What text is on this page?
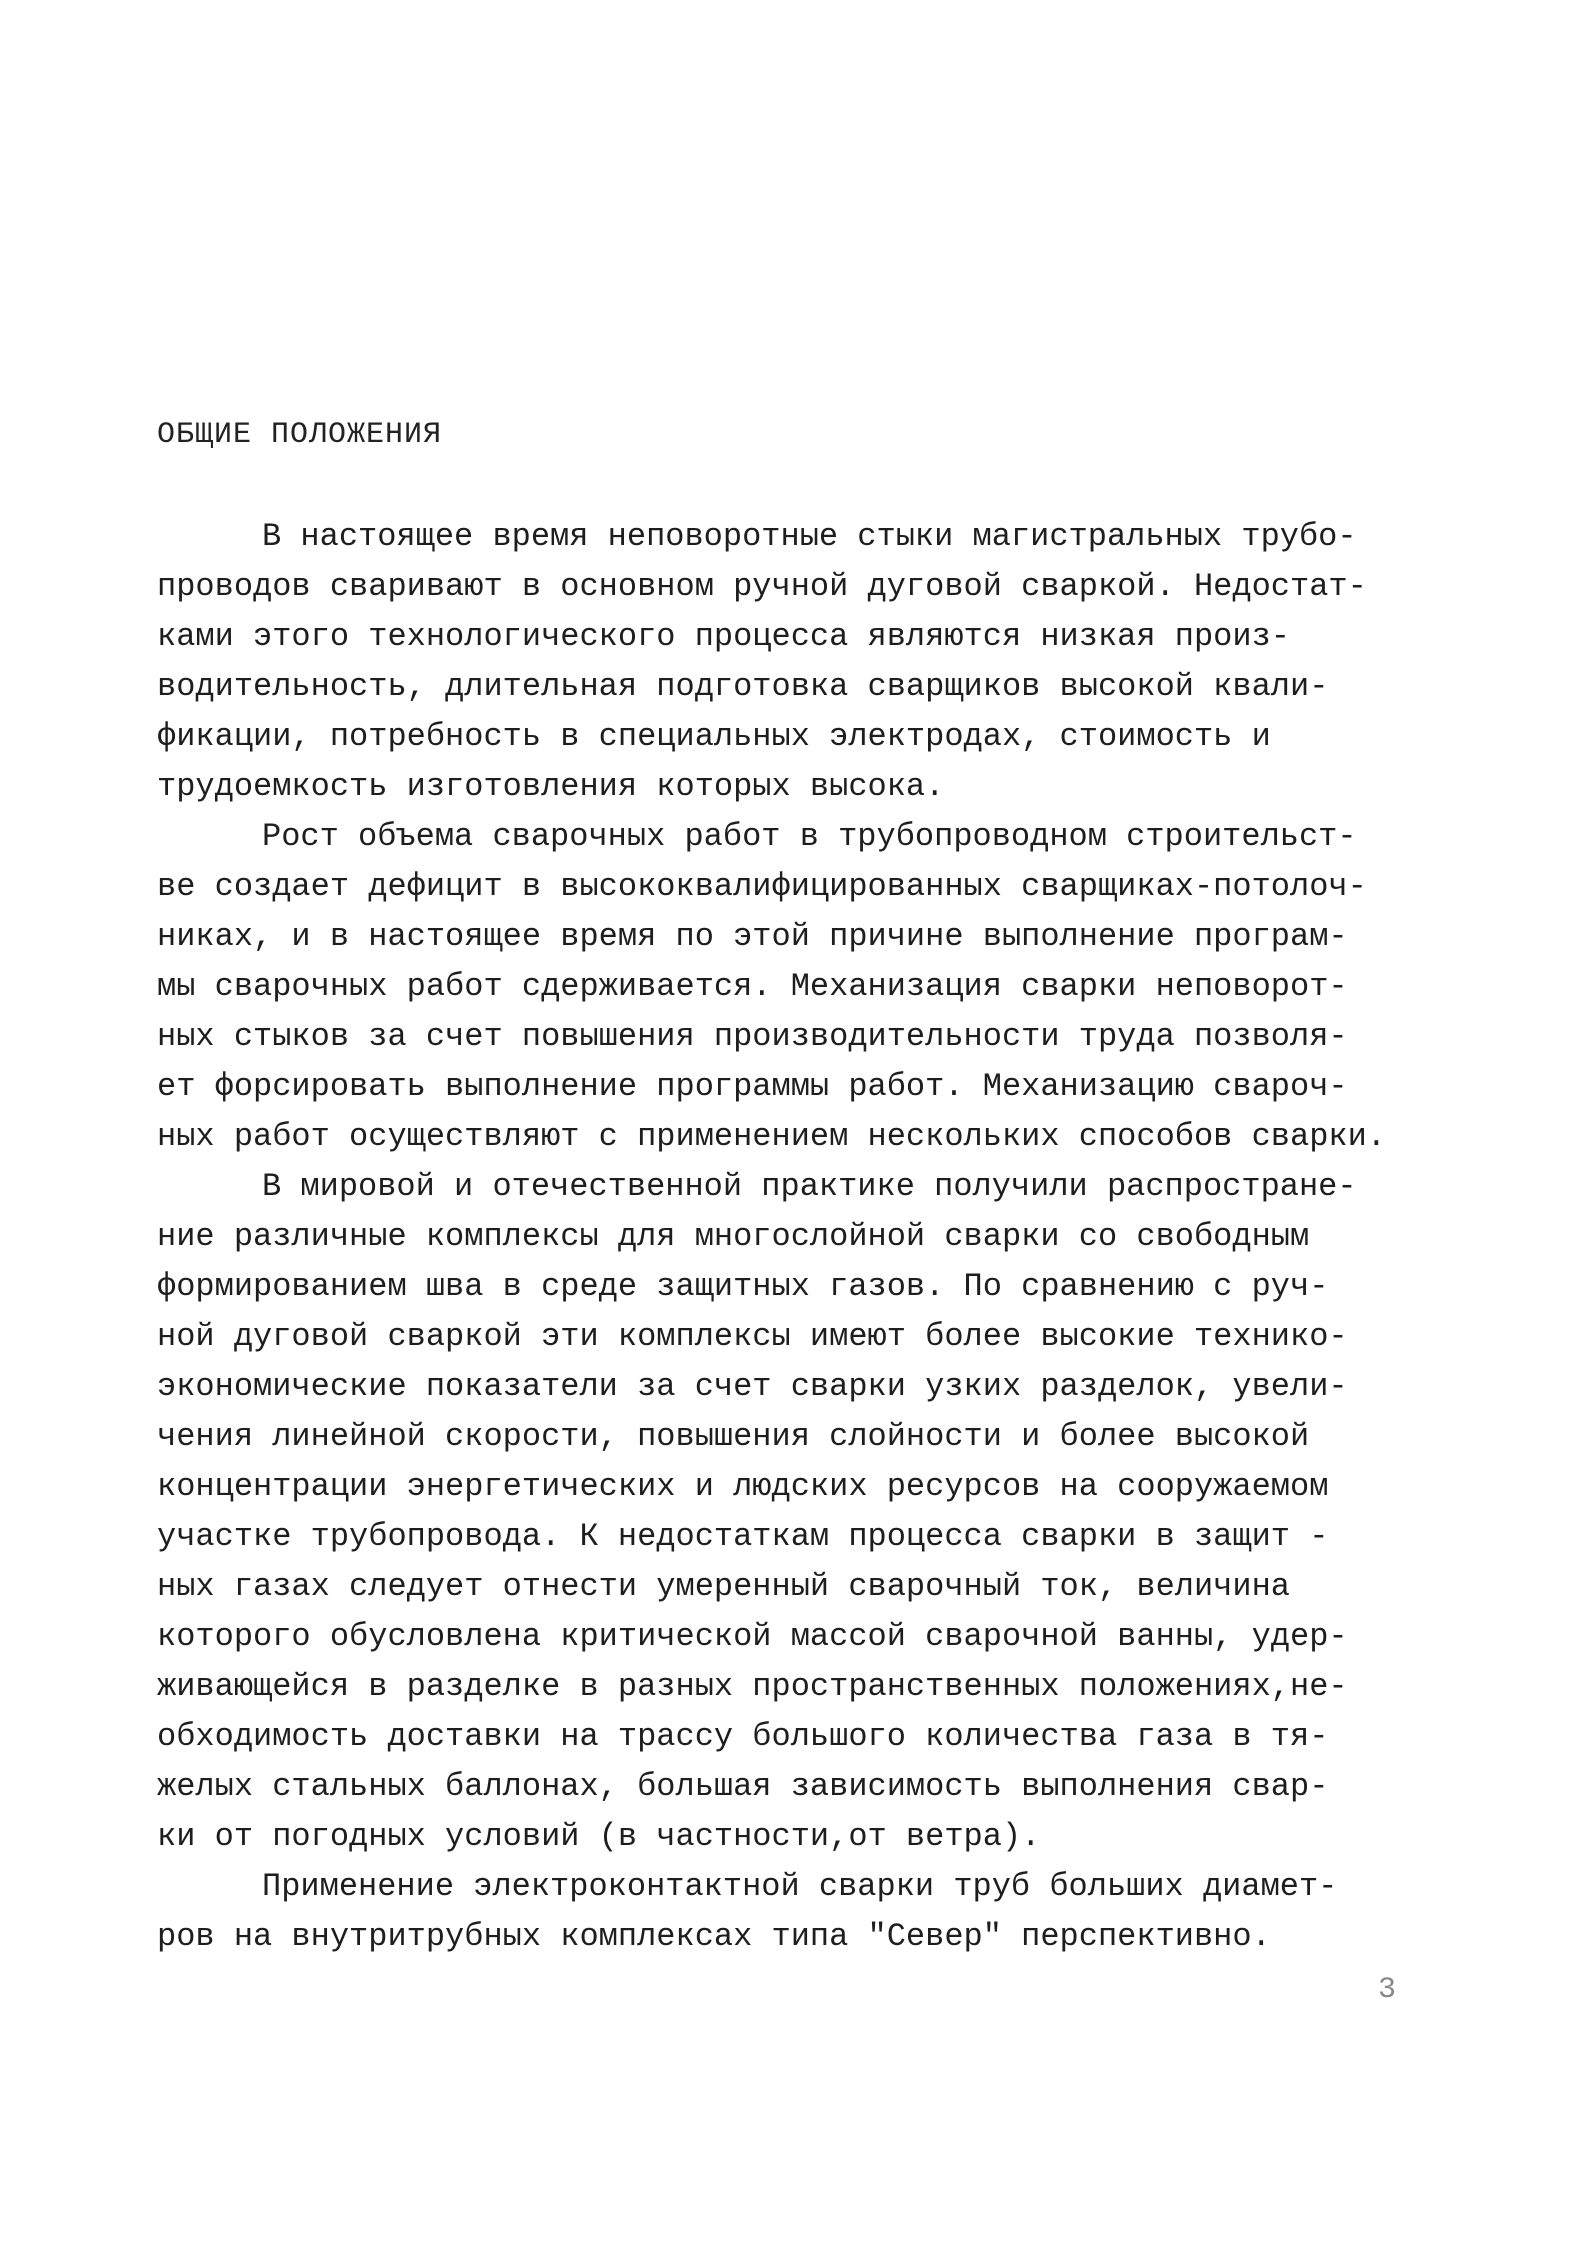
ОБЩИЕ ПОЛОЖЕНИЯ
В настоящее время неповоротные стыки магистральных трубо-
проводов сваривают в основном ручной дуговой сваркой. Недостат-
ками этого технологического процесса являются низкая произ-
водительность, длительная подготовка сварщиков высокой квали-
фикации, потребность в специальных электродах, стоимость и
трудоемкость изготовления которых высока.
Рост объема сварочных работ в трубопроводном строительст-
ве создает дефицит в высококвалифицированных сварщиках-потолоч-
никах, и в настоящее время по этой причине выполнение програм-
мы сварочных работ сдерживается. Механизация сварки неповорот-
ных стыков за счет повышения производительности труда позволя-
ет форсировать выполнение программы работ. Механизацию свароч-
ных работ осуществляют с применением нескольких способов сварки.
В мировой и отечественной практике получили распростране-
ние различные комплексы для многослойной сварки со свободным
формированием шва в среде защитных газов. По сравнению с руч-
ной дуговой сваркой эти комплексы имеют более высокие технико-
экономические показатели за счет сварки узких разделок, увели-
чения линейной скорости, повышения слойности и более высокой
концентрации энергетических и людских ресурсов на сооружаемом
участке трубопровода. К недостаткам процесса сварки в защит -
ных газах следует отнести умеренный сварочный ток, величина
которого обусловлена критической массой сварочной ванны, удер-
живающейся в разделке в разных пространственных положениях,не-
обходимость доставки на трассу большого количества газа в тя-
желых стальных баллонах, большая зависимость выполнения свар-
ки от погодных условий (в частности,от ветра).
Применение электроконтактной сварки труб больших диамет-
ров на внутритрубных комплексах типа "Север" перспективно.
3
